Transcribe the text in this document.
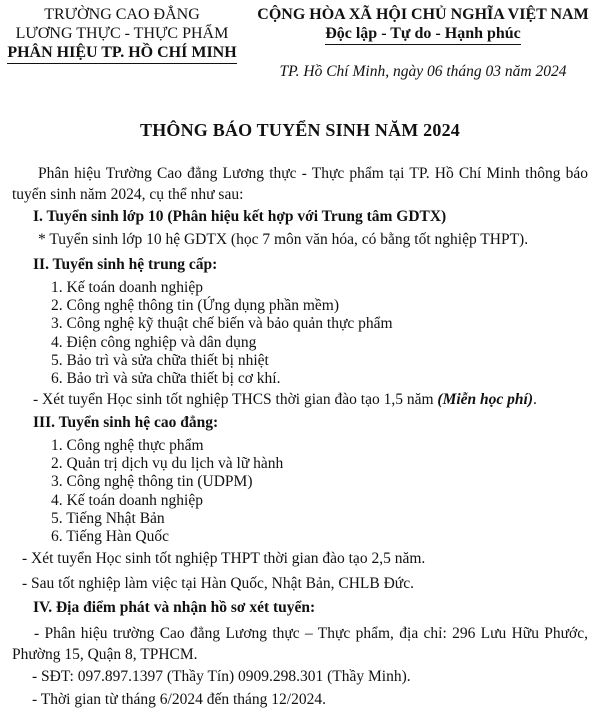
TRƯỜNG CAO ĐẲNG
LƯƠNG THỰC - THỰC PHẨM
PHÂN HIỆU TP. HỒ CHÍ MINH
CỘNG HÒA XÃ HỘI CHỦ NGHĨA VIỆT NAM
Độc lập - Tự do - Hạnh phúc
TP. Hồ Chí Minh, ngày 06 tháng 03 năm 2024
THÔNG BÁO TUYỂN SINH NĂM 2024
Phân hiệu Trường Cao đẳng Lương thực - Thực phẩm tại TP. Hồ Chí Minh thông báo tuyển sinh năm 2024, cụ thể như sau:
I. Tuyển sinh lớp 10 (Phân hiệu kết hợp với Trung tâm GDTX)
* Tuyển sinh lớp 10 hệ GDTX (học 7 môn văn hóa, có bằng tốt nghiệp THPT).
II. Tuyển sinh hệ trung cấp:
1. Kế toán doanh nghiệp
2. Công nghệ thông tin (Ứng dụng phần mềm)
3. Công nghệ kỹ thuật chế biến và bảo quản thực phẩm
4. Điện công nghiệp và dân dụng
5. Bảo trì và sửa chữa thiết bị nhiệt
6. Bảo trì và sửa chữa thiết bị cơ khí.
- Xét tuyển Học sinh tốt nghiệp THCS thời gian đào tạo 1,5 năm (Miễn học phí).
III. Tuyển sinh hệ cao đẳng:
1. Công nghệ thực phẩm
2. Quản trị dịch vụ du lịch và lữ hành
3. Công nghệ thông tin (UDPM)
4. Kế toán doanh nghiệp
5. Tiếng Nhật Bản
6. Tiếng Hàn Quốc
- Xét tuyển Học sinh tốt nghiệp THPT thời gian đào tạo 2,5 năm.
- Sau tốt nghiệp làm việc tại Hàn Quốc, Nhật Bản, CHLB Đức.
IV. Địa điểm phát và nhận hồ sơ xét tuyển:
- Phân hiệu trường Cao đẳng Lương thực – Thực phẩm, địa chỉ: 296 Lưu Hữu Phước, Phường 15, Quận 8, TPHCM.
- SĐT: 097.897.1397 (Thầy Tín) 0909.298.301 (Thầy Minh).
- Thời gian từ tháng 6/2024 đến tháng 12/2024.
